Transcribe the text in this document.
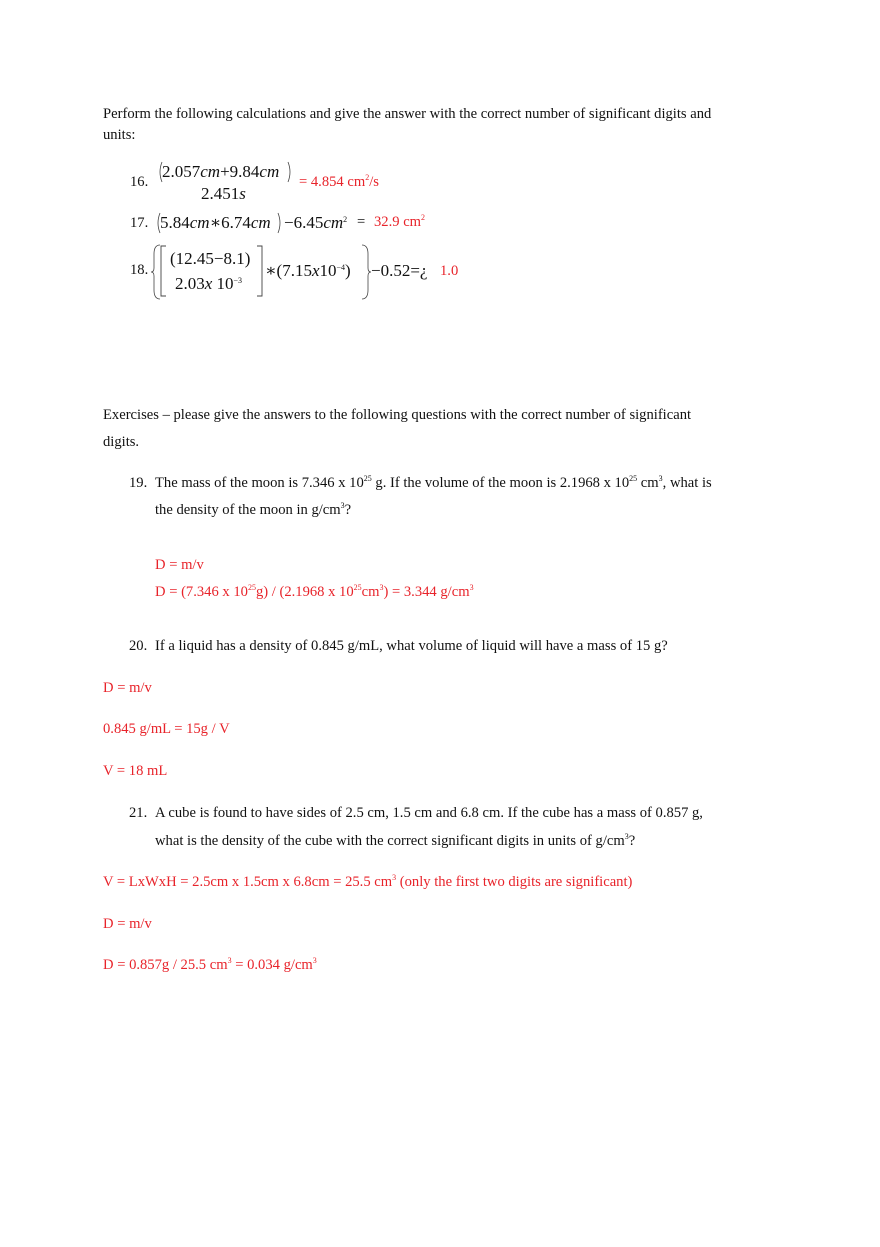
Perform the following calculations and give the answer with the correct number of significant digits and
units:
16.
2.057cm+9.84cm
2.451s
= 4.854 $cm^2/s$
17. 5.84cm∗6.74cm $-6.45cm^2 = 32.9$ $cm^2$
18.
(12.45−8.1)
2.03x $10^{-3}$
$∗(7.15x10^{-4})$ −0.52=¿ 1.0
Exercises – please give the answers to the following questions with the correct number of significant
digits.
19. The mass of the moon is 7.346 x $10^{25}$ g. If the volume of the moon is 2.1968 x $10^{25}$ $cm^3$, what is
the density of the moon in $g/cm^3$?
D = m/v
D = (7.346 x $10^{25}g) / (2.1968$ x $10^{25}cm^3) = 3.344$ $g/cm^3$
20. If a liquid has a density of 0.845 g/mL, what volume of liquid will have a mass of 15 g?
D = m/v
0.845 g/mL = 15g / V
V = 18 mL
21. A cube is found to have sides of 2.5 cm, 1.5 cm and 6.8 cm. If the cube has a mass of 0.857 g,
what is the density of the cube with the correct significant digits in units of $g/cm^3$?
V = LxWxH = 2.5cm x 1.5cm x 6.8cm = 25.5 $cm^3$ (only the first two digits are significant)
D = m/v
D = 0.857g / 25.5 $cm^3 = 0.034$ $g/cm^3$
